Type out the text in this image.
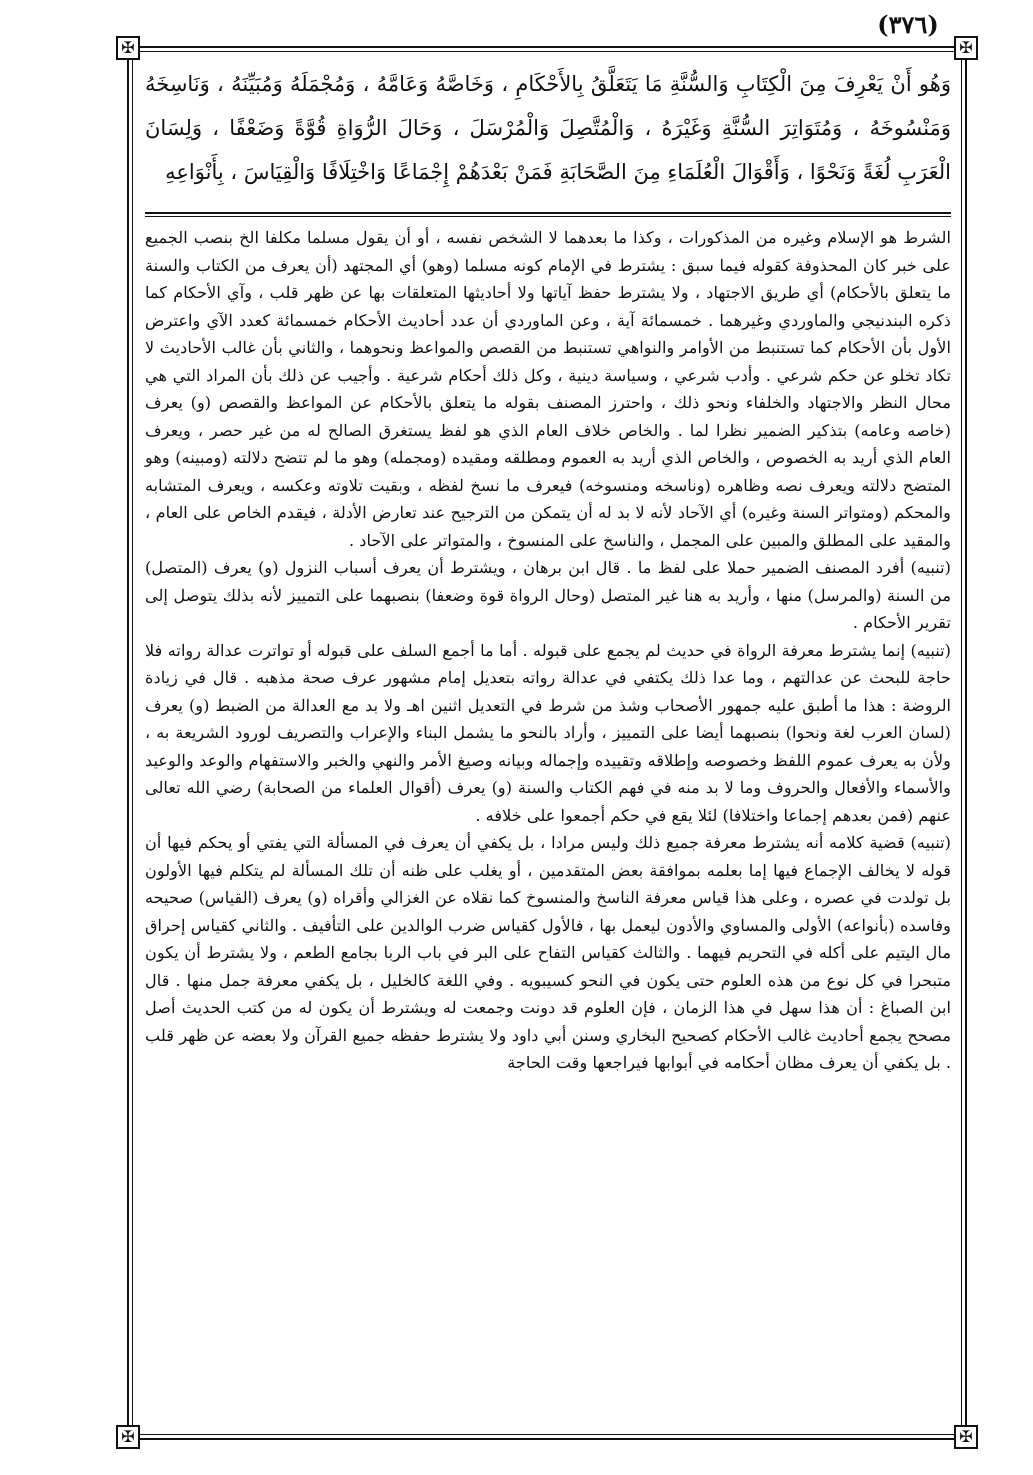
(٣٧٦)
✠	✠
✠	✠

وَهُو أَنْ يَعْرِفَ مِنَ الْكِتَابِ وَالسُّنَّةِ مَا يَتَعَلَّقُ بِالأَحْكَامِ ، وَخَاصَّهُ وَعَامَّهُ ، وَمُجْمَلَهُ وَمُبَيِّنَهُ ، وَنَاسِخَهُ وَمَنْسُوخَهُ ، وَمُتَوَاتِرَ السُّنَّةِ وَغَيْرَهُ ، وَالْمُتَّصِلَ وَالْمُرْسَلَ ، وَحَالَ الرُّوَاةِ قُوَّةً وَضَعْفًا ، وَلِسَانَ الْعَرَبِ لُغَةً وَنَحْوًا ، وَأَقْوَالَ الْعُلَمَاءِ مِنَ الصَّحَابَةِ فَمَنْ بَعْدَهُمْ إِجْمَاعًا وَاخْتِلَافًا وَالْقِيَاسَ ، بِأَنْوَاعِهِ

الشرط هو الإسلام وغيره من المذكورات ، وكذا ما بعدهما لا الشخص نفسه ، أو أن يقول مسلما مكلفا الخ بنصب الجميع على خبر كان المحذوفة كقوله فيما سبق : يشترط في الإمام كونه مسلما (وهو) أي المجتهد (أن يعرف من الكتاب والسنة ما يتعلق بالأحكام) أي طريق الاجتهاد ، ولا يشترط حفظ آياتها ولا أحاديثها المتعلقات بها عن ظهر قلب ، وآي الأحكام كما ذكره البندنيجي والماوردي وغيرهما . خمسمائة آية ، وعن الماوردي أن عدد أحاديث الأحكام خمسمائة كعدد الآي واعترض الأول بأن الأحكام كما تستنبط من الأوامر والنواهي تستنبط من القصص والمواعظ ونحوهما ، والثاني بأن غالب الأحاديث لا تكاد تخلو عن حكم شرعي . وأدب شرعي ، وسياسة دينية ، وكل ذلك أحكام شرعية . وأجيب عن ذلك بأن المراد التي هي محال النظر والاجتهاد والخلفاء ونحو ذلك ، واحترز المصنف بقوله ما يتعلق بالأحكام عن المواعظ والقصص (و) يعرف (خاصه وعامه) بتذكير الضمير نظرا لما . والخاص خلاف العام الذي هو لفظ يستغرق الصالح له من غير حصر ، ويعرف العام الذي أريد به الخصوص ، والخاص الذي أريد به العموم ومطلقه ومقيده (ومجمله) وهو ما لم تتضح دلالته (ومبينه) وهو المتضح دلالته ويعرف نصه وظاهره (وناسخه ومنسوخه) فيعرف ما نسخ لفظه ، وبقيت تلاوته وعكسه ، ويعرف المتشابه والمحكم (ومتواتر السنة وغيره) أي الآحاد لأنه لا بد له أن يتمكن من الترجيح عند تعارض الأدلة ، فيقدم الخاص على العام ، والمقيد على المطلق والمبين على المجمل ، والناسخ على المنسوخ ، والمتواتر على الآحاد .

(تنبيه) أفرد المصنف الضمير حملا على لفظ ما . قال ابن برهان ، ويشترط أن يعرف أسباب النزول (و) يعرف (المتصل) من السنة (والمرسل) منها ، وأريد به هنا غير المتصل (وحال الرواة قوة وضعفا) بنصبهما على التمييز لأنه بذلك يتوصل إلى تقرير الأحكام .

(تنبيه) إنما يشترط معرفة الرواة في حديث لم يجمع على قبوله . أما ما أجمع السلف على قبوله أو تواترت عدالة رواته فلا حاجة للبحث عن عدالتهم ، وما عدا ذلك يكتفي في عدالة رواته بتعديل إمام مشهور عرف صحة مذهبه . قال في زيادة الروضة : هذا ما أطبق عليه جمهور الأصحاب وشذ من شرط في التعديل اثنين اهـ ولا بد مع العدالة من الضبط (و) يعرف (لسان العرب لغة ونحوا) بنصبهما أيضا على التمييز ، وأراد بالنحو ما يشمل البناء والإعراب والتصريف لورود الشريعة به ، ولأن به يعرف عموم اللفظ وخصوصه وإطلاقه وتقييده وإجماله وبيانه وصيغ الأمر والنهي والخبر والاستفهام والوعد والوعيد والأسماء والأفعال والحروف وما لا بد منه في فهم الكتاب والسنة (و) يعرف (أقوال العلماء من الصحابة) رضي الله تعالى عنهم (فمن بعدهم إجماعا واختلافا) لئلا يقع في حكم أجمعوا على خلافه .

(تنبيه) قضية كلامه أنه يشترط معرفة جميع ذلك وليس مرادا ، بل يكفي أن يعرف في المسألة التي يفتي أو يحكم فيها أن قوله لا يخالف الإجماع فيها إما بعلمه بموافقة بعض المتقدمين ، أو يغلب على ظنه أن تلك المسألة لم يتكلم فيها الأولون بل تولدت في عصره ، وعلى هذا قياس معرفة الناسخ والمنسوخ كما نقلاه عن الغزالي وأقراه (و) يعرف (القياس) صحيحه وفاسده (بأنواعه) الأولى والمساوي والأدون ليعمل بها ، فالأول كقياس ضرب الوالدين على التأفيف . والثاني كقياس إحراق مال اليتيم على أكله في التحريم فيهما . والثالث كقياس التفاح على البر في باب الربا بجامع الطعم ، ولا يشترط أن يكون متبحرا في كل نوع من هذه العلوم حتى يكون في النحو كسيبويه . وفي اللغة كالخليل ، بل يكفي معرفة جمل منها . قال ابن الصباغ : أن هذا سهل في هذا الزمان ، فإن العلوم قد دونت وجمعت له ويشترط أن يكون له من كتب الحديث أصل مصحح يجمع أحاديث غالب الأحكام كصحيح البخاري وسنن أبي داود ولا يشترط حفظه جميع القرآن ولا بعضه عن ظهر قلب . بل يكفي أن يعرف مظان أحكامه في أبوابها فيراجعها وقت الحاجة
